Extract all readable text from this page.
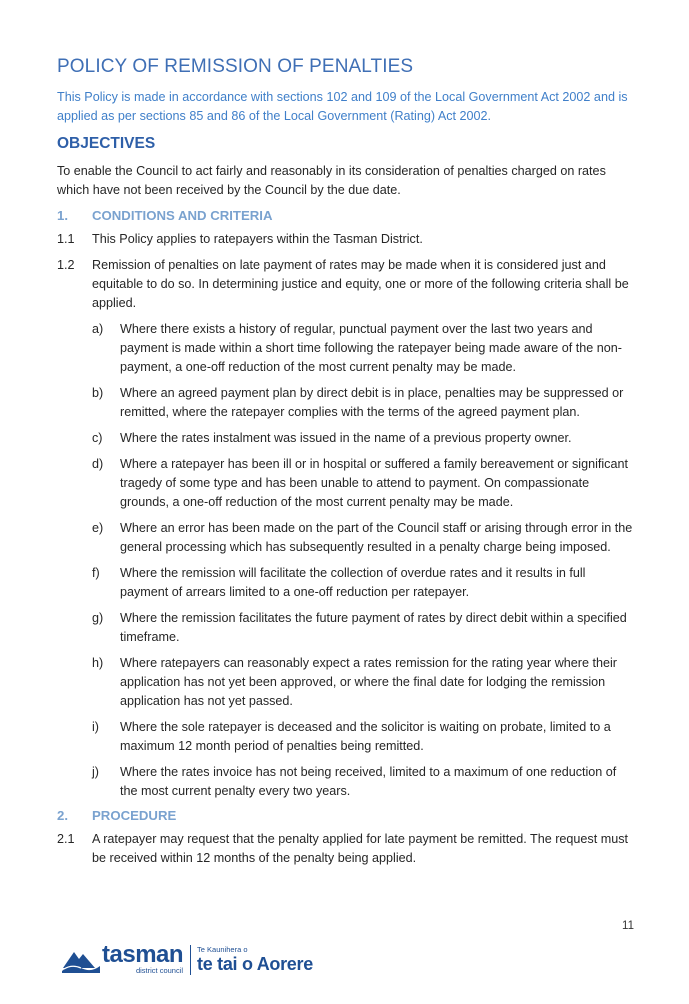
POLICY OF REMISSION OF PENALTIES

This Policy is made in accordance with sections 102 and 109 of the Local Government Act 2002 and is applied as per sections 85 and 86 of the Local Government (Rating) Act 2002.

OBJECTIVES

To enable the Council to act fairly and reasonably in its consideration of penalties charged on rates which have not been received by the Council by the due date.

1.	CONDITIONS AND CRITERIA
1.1	This Policy applies to ratepayers within the Tasman District.
1.2	Remission of penalties on late payment of rates may be made when it is considered just and equitable to do so. In determining justice and equity, one or more of the following criteria shall be applied.
a)	Where there exists a history of regular, punctual payment over the last two years and payment is made within a short time following the ratepayer being made aware of the non-payment, a one-off reduction of the most current penalty may be made.
b)	Where an agreed payment plan by direct debit is in place, penalties may be suppressed or remitted, where the ratepayer complies with the terms of the agreed payment plan.
c)	Where the rates instalment was issued in the name of a previous property owner.
d)	Where a ratepayer has been ill or in hospital or suffered a family bereavement or significant tragedy of some type and has been unable to attend to payment. On compassionate grounds, a one-off reduction of the most current penalty may be made.
e)	Where an error has been made on the part of the Council staff or arising through error in the general processing which has subsequently resulted in a penalty charge being imposed.
f)	Where the remission will facilitate the collection of overdue rates and it results in full payment of arrears limited to a one-off reduction per ratepayer.
g)	Where the remission facilitates the future payment of rates by direct debit within a specified timeframe.
h)	Where ratepayers can reasonably expect a rates remission for the rating year where their application has not yet been approved, or where the final date for lodging the remission application has not yet passed.
i)	Where the sole ratepayer is deceased and the solicitor is waiting on probate, limited to a maximum 12 month period of penalties being remitted.
j)	Where the rates invoice has not being received, limited to a maximum of one reduction of the most current penalty every two years.
2.	PROCEDURE
2.1	A ratepayer may request that the penalty applied for late payment be remitted. The request must be received within 12 months of the penalty being applied.
11
tasman
district council
Te Kaunihera o
te tai o Aorere
